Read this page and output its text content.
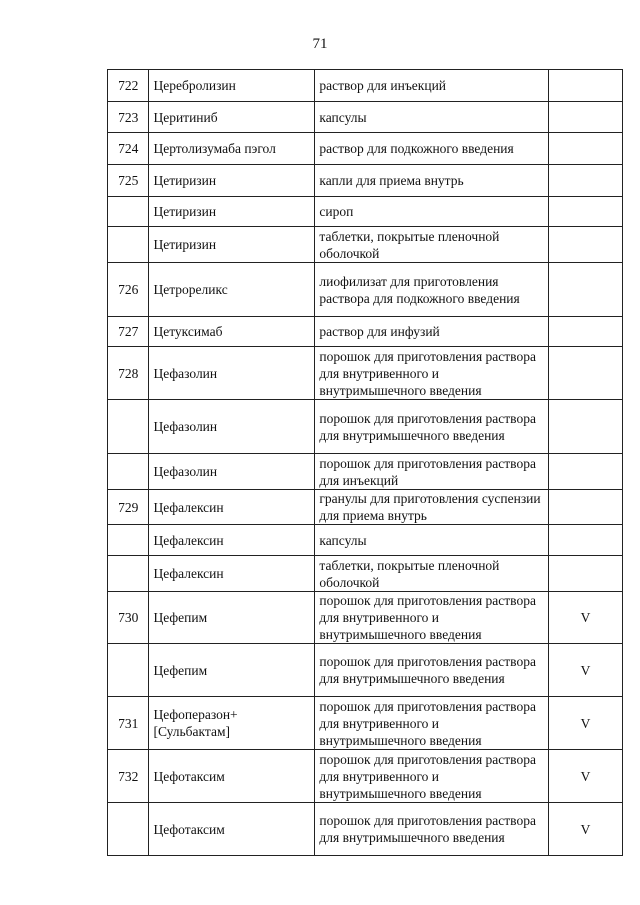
71
722	Церебролизин	раствор для инъекций	
723	Церитиниб	капсулы	
724	Цертолизумаба пэгол	раствор для подкожного введения	
725	Цетиризин	капли для приема внутрь	
	Цетиризин	сироп	
	Цетиризин	таблетки, покрытые пленочной оболочкой	
726	Цетрореликс	лиофилизат для приготовления раствора для подкожного введения	
727	Цетуксимаб	раствор для инфузий	
728	Цефазолин	порошок для приготовления раствора для внутривенного и внутримышечного введения	
	Цефазолин	порошок для приготовления раствора для внутримышечного введения	
	Цефазолин	порошок для приготовления раствора для инъекций	
729	Цефалексин	гранулы для приготовления суспензии для приема внутрь	
	Цефалексин	капсулы	
	Цефалексин	таблетки, покрытые пленочной оболочкой	
730	Цефепим	порошок для приготовления раствора для внутривенного и внутримышечного введения	V
	Цефепим	порошок для приготовления раствора для внутримышечного введения	V
731	Цефоперазон+ [Сульбактам]	порошок для приготовления раствора для внутривенного и внутримышечного введения	V
732	Цефотаксим	порошок для приготовления раствора для внутривенного и внутримышечного введения	V
	Цефотаксим	порошок для приготовления раствора для внутримышечного введения	V
